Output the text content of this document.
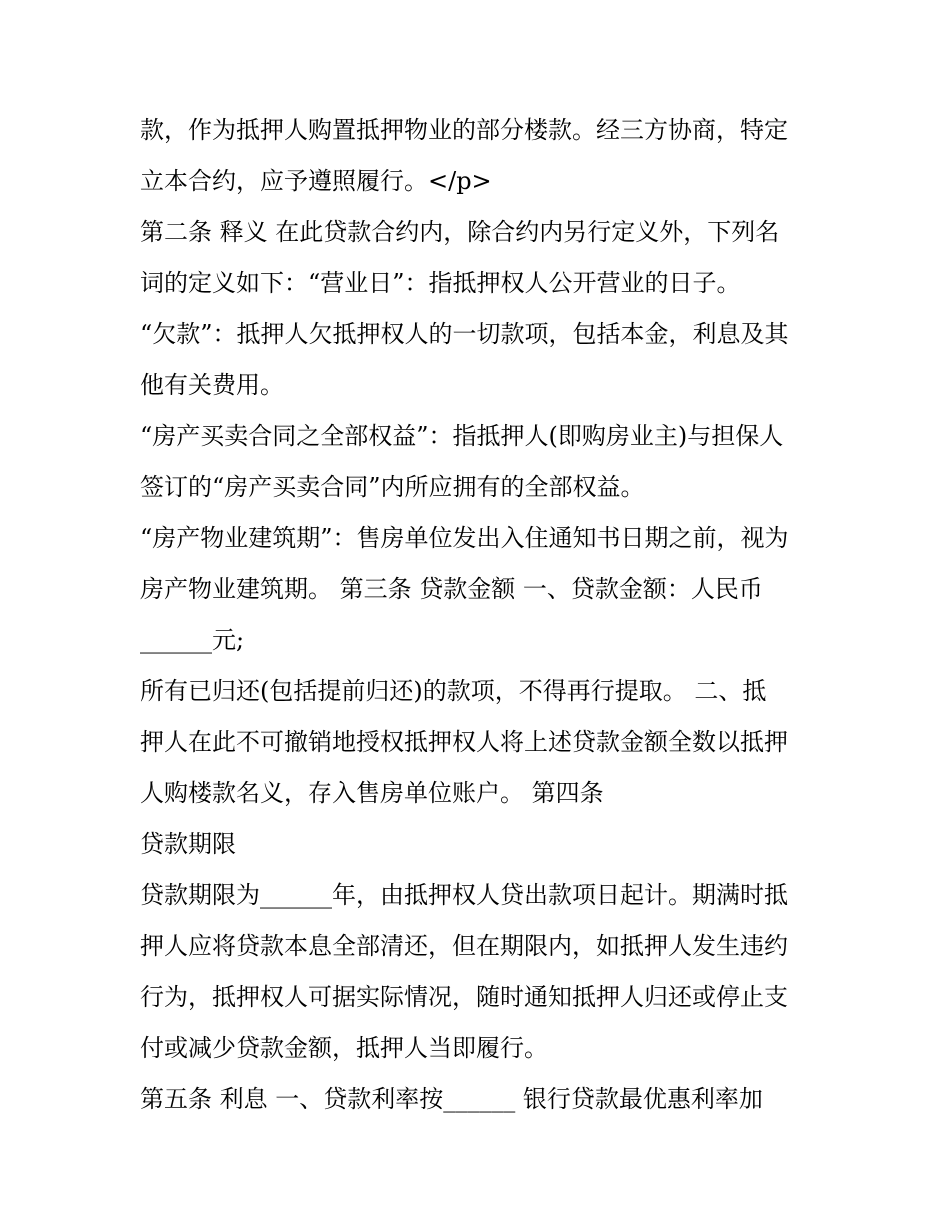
款，作为抵押人购置抵押物业的部分楼款。经三方协商，特定
立本合约，应予遵照履行。</p>
第二条 释义 在此贷款合约内，除合约内另行定义外，下列名
词的定义如下：“营业日”：指抵押权人公开营业的日子。
“欠款”：抵押人欠抵押权人的一切款项，包括本金，利息及其
他有关费用。
“房产买卖合同之全部权益”：指抵押人(即购房业主)与担保人
签订的“房产买卖合同”内所应拥有的全部权益。
“房产物业建筑期”：售房单位发出入住通知书日期之前，视为
房产物业建筑期。 第三条 贷款金额 一、贷款金额：人民币
______元;
所有已归还(包括提前归还)的款项，不得再行提取。 二、抵
押人在此不可撤销地授权抵押权人将上述贷款金额全数以抵押
人购楼款名义，存入售房单位账户。 第四条
贷款期限
贷款期限为______年，由抵押权人贷出款项日起计。期满时抵
押人应将贷款本息全部清还，但在期限内，如抵押人发生违约
行为，抵押权人可据实际情况，随时通知抵押人归还或停止支
付或减少贷款金额，抵押人当即履行。
第五条 利息 一、贷款利率按______ 银行贷款最优惠利率加
